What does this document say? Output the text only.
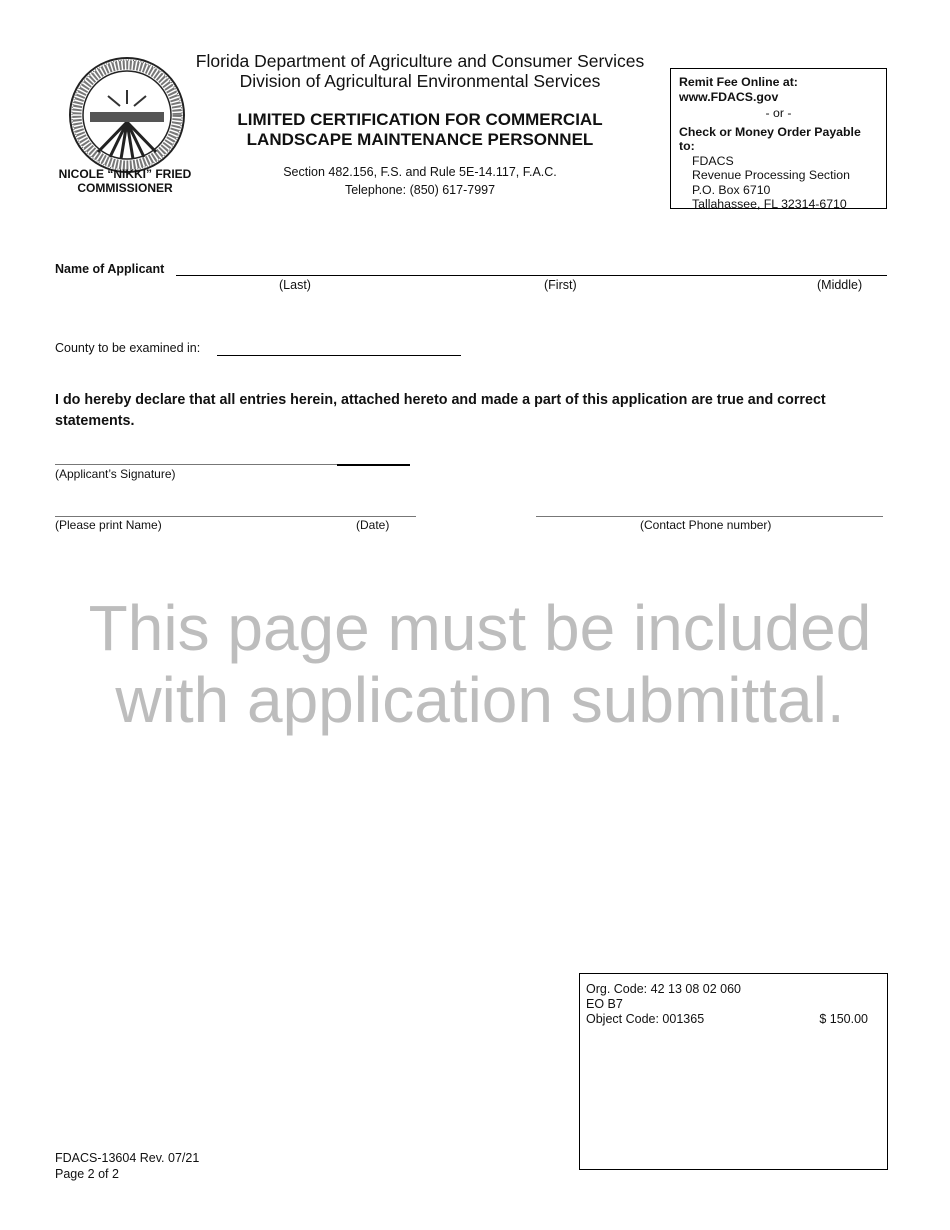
NICOLE “NIKKI” FRIED
COMMISSIONER
Florida Department of Agriculture and Consumer Services
Division of Agricultural Environmental Services
LIMITED CERTIFICATION FOR COMMERCIAL
LANDSCAPE MAINTENANCE PERSONNEL
Section 482.156, F.S. and Rule 5E-14.117, F.A.C.
Telephone: (850) 617-7997
Remit Fee Online at:
www.FDACS.gov
- or -
Check or Money Order Payable to:
FDACS
Revenue Processing Section
P.O. Box 6710
Tallahassee, FL 32314-6710
Name of Applicant
(Last)	(First)	(Middle)
County to be examined in:
I do hereby declare that all entries herein, attached hereto and made a part of this application are true and correct statements.
(Applicant’s Signature)
(Please print Name)	(Date)	(Contact Phone number)
This page must be included
with application submittal.
Org. Code: 42 13 08 02 060
EO B7
Object Code: 001365	$ 150.00
FDACS-13604 Rev. 07/21
Page 2 of 2
